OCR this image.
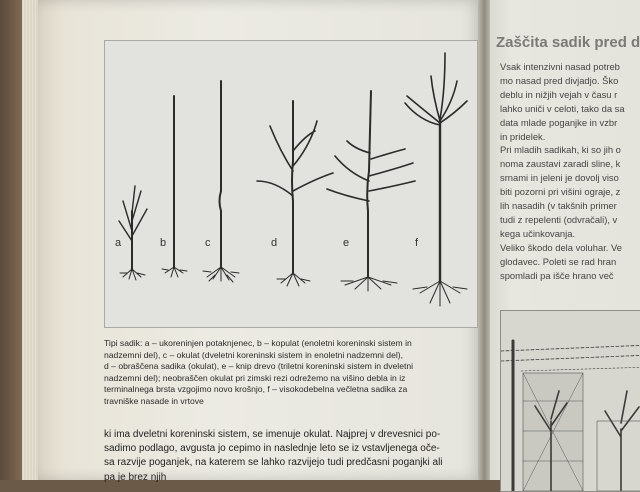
a	b	c	d	e	f

Tipi sadik: a – ukoreninjen potaknjenec, b – kopulat (enoletni koreninski sistem in

nadzemni del), c – okulat (dveletni koreninski sistem in enoletni nadzemni del),

d – obraščena sadika (okulat), e – knip drevo (triletni koreninski sistem in dveletni

nadzemni del); neobraščen okulat pri zimski rezi odrežemo na višino debla in iz

terminalnega brsta vzgojimo novo krošnjo, f – visokodebelna večletna sadika za

travniške nasade in vrtove

ki ima dveletni koreninski sistem, se imenuje okulat. Najprej v drevesnici po-

sadimo podlago, avgusta jo cepimo in naslednje leto se iz vstavljenega oče-

sa razvije poganjek, na katerem se lahko razvijejo tudi predčasni poganjki ali

pa je brez njih

Zaščita sadik pred d

Vsak intenzivni nasad potreb

mo nasad pred divjadjo. Ško

deblu in nižjih vejah v času r

lahko uniči v celoti, tako da sa

data mlade poganjke in vzbr

in pridelek.

Pri mladih sadikah, ki so jih o

noma zaustavi zaradi sline, k

srnami in jeleni je dovolj viso

biti pozorni pri višini ograje, z

lih nasadih (v takšnih primer

tudi z repelenti (odvračali), v

kega učinkovanja.

Veliko škodo dela voluhar. Ve

glodavec. Poleti se rad hran

spomladi pa išče hrano več
